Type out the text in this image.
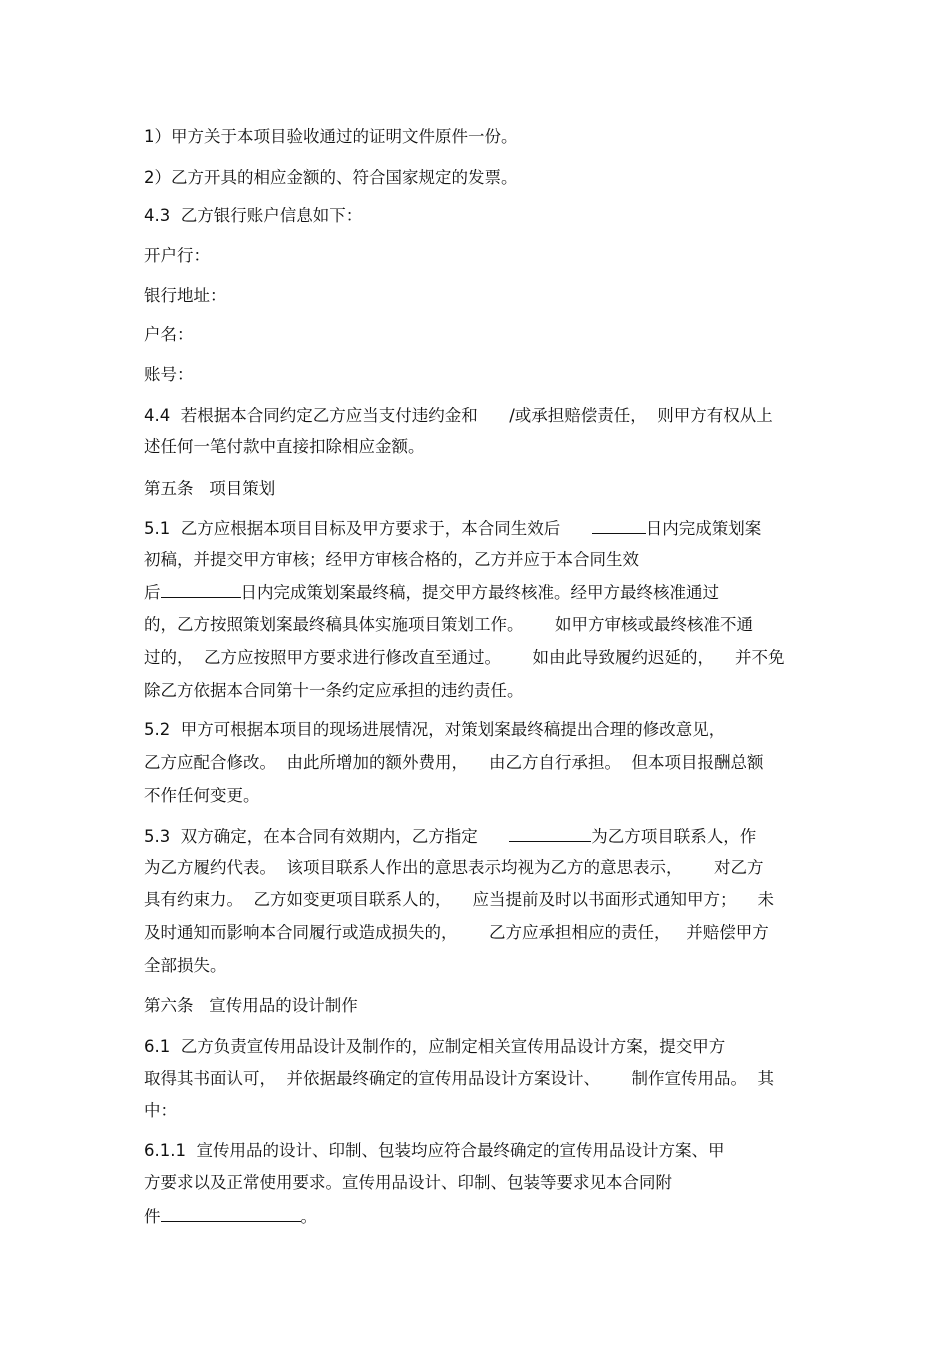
1）甲方关于本项目验收通过的证明文件原件一份。
2）乙方开具的相应金额的、符合国家规定的发票。
4.3  乙方银行账户信息如下：
开户行：
银行地址：
户名：
账号：
4.4  若根据本合同约定乙方应当支付违约金和      /或承担赔偿责任，  则甲方有权从上
述任何一笔付款中直接扣除相应金额。
第五条   项目策划
5.1  乙方应根据本项目目标及甲方要求于，本合同生效后	日内完成策划案
初稿，并提交甲方审核；经甲方审核合格的，乙方并应于本合同生效
后	日内完成策划案最终稿，提交甲方最终核准。经甲方最终核准通过
的，乙方按照策划案最终稿具体实施项目策划工作。      如甲方审核或最终核准不通
过的，  乙方应按照甲方要求进行修改直至通过。      如由此导致履约迟延的，    并不免
除乙方依据本合同第十一条约定应承担的违约责任。
5.2  甲方可根据本项目的现场进展情况，对策划案最终稿提出合理的修改意见，
乙方应配合修改。  由此所增加的额外费用，    由乙方自行承担。  但本项目报酬总额
不作任何变更。
5.3  双方确定，在本合同有效期内，乙方指定	为乙方项目联系人，作
为乙方履约代表。  该项目联系人作出的意思表示均视为乙方的意思表示，      对乙方
具有约束力。  乙方如变更项目联系人的，    应当提前及时以书面形式通知甲方；    未
及时通知而影响本合同履行或造成损失的，      乙方应承担相应的责任，   并赔偿甲方
全部损失。
第六条   宣传用品的设计制作
6.1  乙方负责宣传用品设计及制作的，应制定相关宣传用品设计方案，提交甲方
取得其书面认可，  并依据最终确定的宣传用品设计方案设计、      制作宣传用品。  其
中：
6.1.1  宣传用品的设计、印制、包装均应符合最终确定的宣传用品设计方案、甲
方要求以及正常使用要求。宣传用品设计、印制、包装等要求见本合同附
件	。
